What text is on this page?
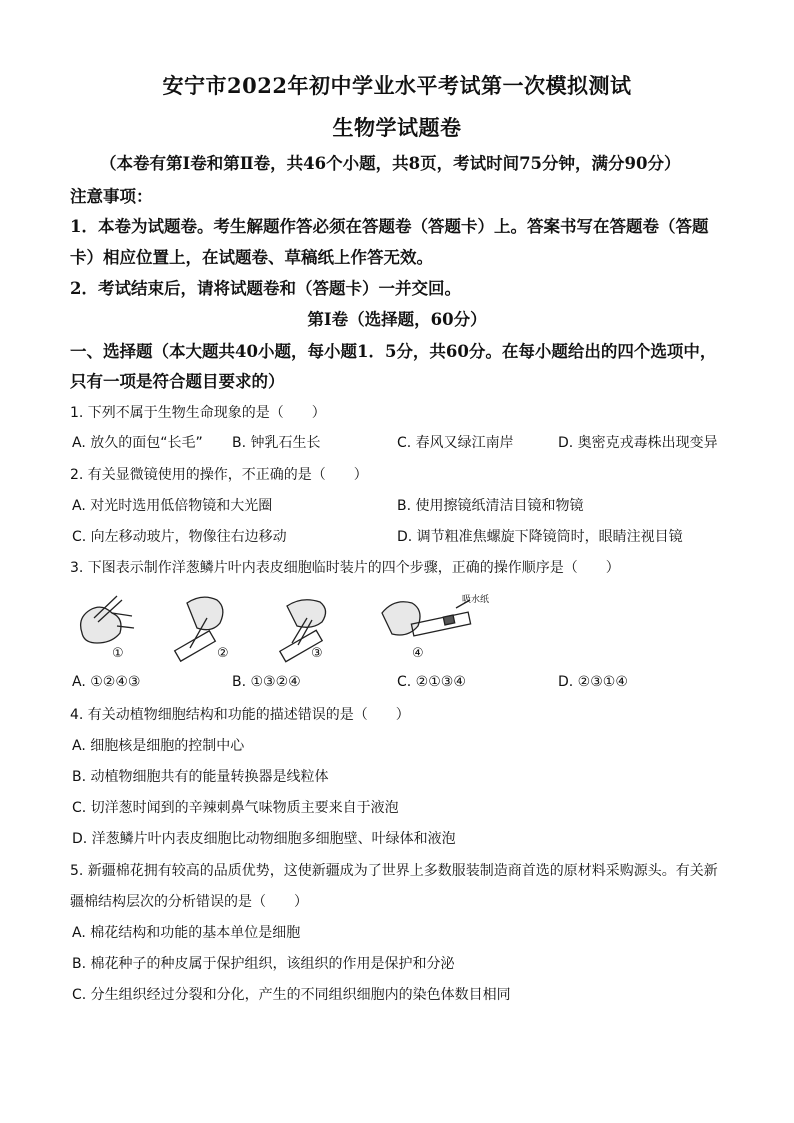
安宁市2022年初中学业水平考试第一次模拟测试
生物学试题卷
（本卷有第Ⅰ卷和第Ⅱ卷，共46个小题，共8页，考试时间75分钟，满分90分）
注意事项：
1．本卷为试题卷。考生解题作答必须在答题卷（答题卡）上。答案书写在答题卷（答题
卡）相应位置上，在试题卷、草稿纸上作答无效。
2．考试结束后，请将试题卷和（答题卡）一并交回。
第Ⅰ卷（选择题，60分）
一、选择题（本大题共40小题，每小题1．5分，共60分。在每小题给出的四个选项中，
只有一项是符合题目要求的）
1. 下列不属于生物生命现象的是（　　）
A. 放久的面包“长毛” B. 钟乳石生长	C. 春风又绿江南岸	D. 奥密克戎毒株出现变异
2. 有关显微镜使用的操作，不正确的是（　　）
A. 对光时选用低倍物镜和大光圈	B. 使用擦镜纸清洁目镜和物镜
C. 向左移动玻片，物像往右边移动	D. 调节粗准焦螺旋下降镜筒时，眼睛注视目镜
3. 下图表示制作洋葱鳞片叶内表皮细胞临时装片的四个步骤，正确的操作顺序是（　　）
吸水纸
①	②	③	④
A. ①②④③	B. ①③②④	C. ②①③④	D. ②③①④
4. 有关动植物细胞结构和功能的描述错误的是（　　）
A. 细胞核是细胞的控制中心
B. 动植物细胞共有的能量转换器是线粒体
C. 切洋葱时闻到的辛辣刺鼻气味物质主要来自于液泡
D. 洋葱鳞片叶内表皮细胞比动物细胞多细胞壁、叶绿体和液泡
5. 新疆棉花拥有较高的品质优势，这使新疆成为了世界上多数服装制造商首选的原材料采购源头。有关新
疆棉结构层次的分析错误的是（　　）
A. 棉花结构和功能的基本单位是细胞
B. 棉花种子的种皮属于保护组织，该组织的作用是保护和分泌
C. 分生组织经过分裂和分化，产生的不同组织细胞内的染色体数目相同
